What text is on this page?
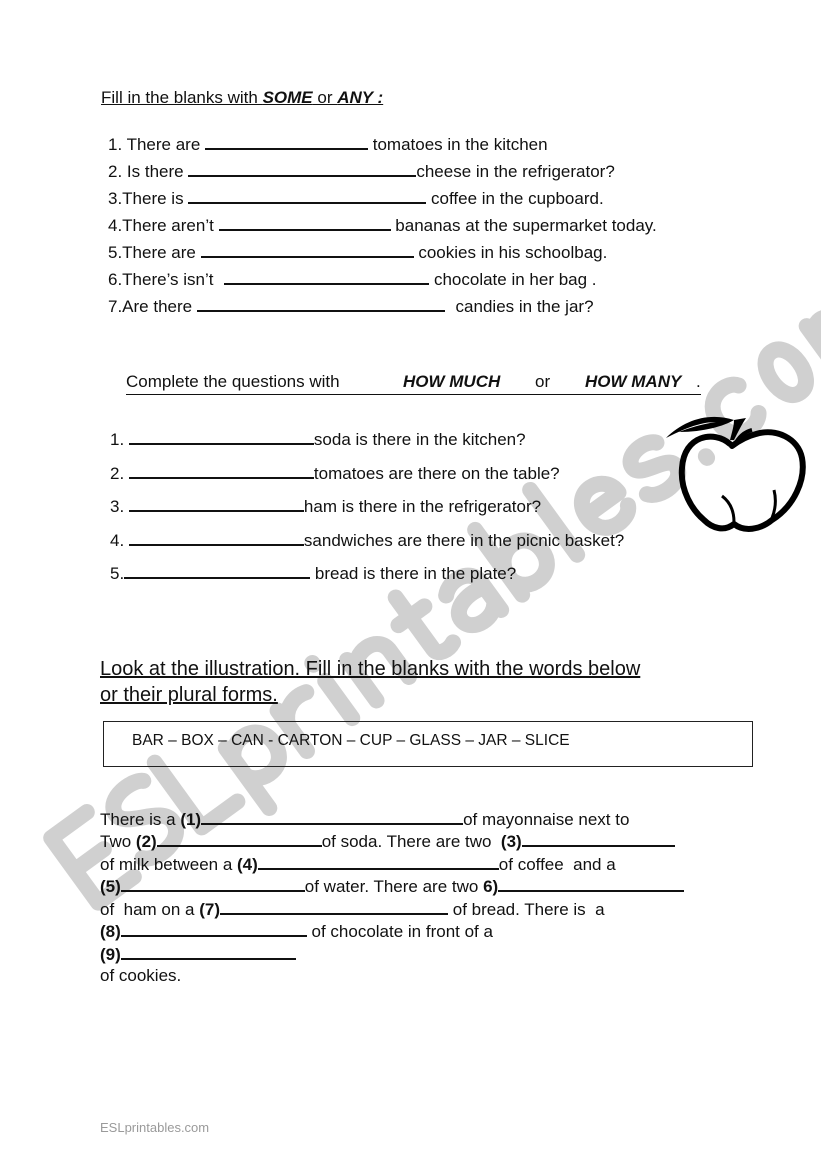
ESLprintables.com
Fill in the blanks with SOME or ANY :
1. There are	tomatoes in the kitchen
2. Is there	cheese in the refrigerator?
3.There is	coffee in the cupboard.
4.There aren’t	bananas at the supermarket today.
5.There are	cookies in his schoolbag.
6.There’s isn’t	chocolate in her bag .
7.Are there	candies in the jar?
Complete the questions with	HOW MUCH or HOW MANY .
1.	soda is there in the kitchen?
2.	tomatoes are there on the table?
3.	ham is there in the refrigerator?
4.	sandwiches are there in the picnic basket?
5.	bread is there in the plate?
Look at the illustration. Fill in the blanks with the words below
or their plural forms.
BAR – BOX – CAN - CARTON – CUP – GLASS – JAR – SLICE
There is a (1)	of mayonnaise next to
Two (2)	of soda. There are two  (3)
of milk between a (4)	of coffee  and a
(5)	of water. There are two 6)
of  ham on a (7)	of bread. There is  a
(8)	of chocolate in front of a
(9)
of cookies.
